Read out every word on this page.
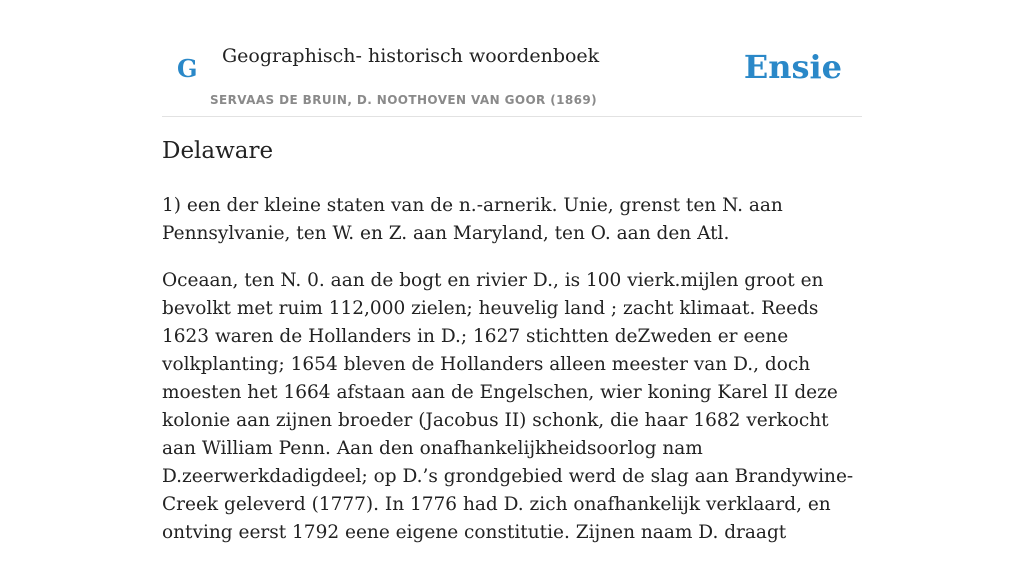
G Geographisch- historisch woordenboek
SERVAAS DE BRUIN, D. NOOTHOVEN VAN GOOR (1869)
Ensie
Delaware

1) een der kleine staten van de n.-arnerik. Unie, grenst ten N. aan Pennsylvanie, ten W. en Z. aan Maryland, ten O. aan den Atl.

Oceaan, ten N. 0. aan de bogt en rivier D., is 100 vierk.mijlen groot en bevolkt met ruim 112,000 zielen; heuvelig land ; zacht klimaat. Reeds 1623 waren de Hollanders in D.; 1627 stichtten deZweden er eene volkplanting; 1654 bleven de Hollanders alleen meester van D., doch moesten het 1664 afstaan aan de Engelschen, wier koning Karel II deze kolonie aan zijnen broeder (Jacobus II) schonk, die haar 1682 verkocht aan William Penn. Aan den onafhankelijkheidsoorlog nam D.zeerwerkdadigdeel; op D.’s grondgebied werd de slag aan Brandywine-Creek geleverd (1777). In 1776 had D. zich onafhankelijk verklaard, en ontving eerst 1792 eene eigene constitutie. Zijnen naam D. draagt
